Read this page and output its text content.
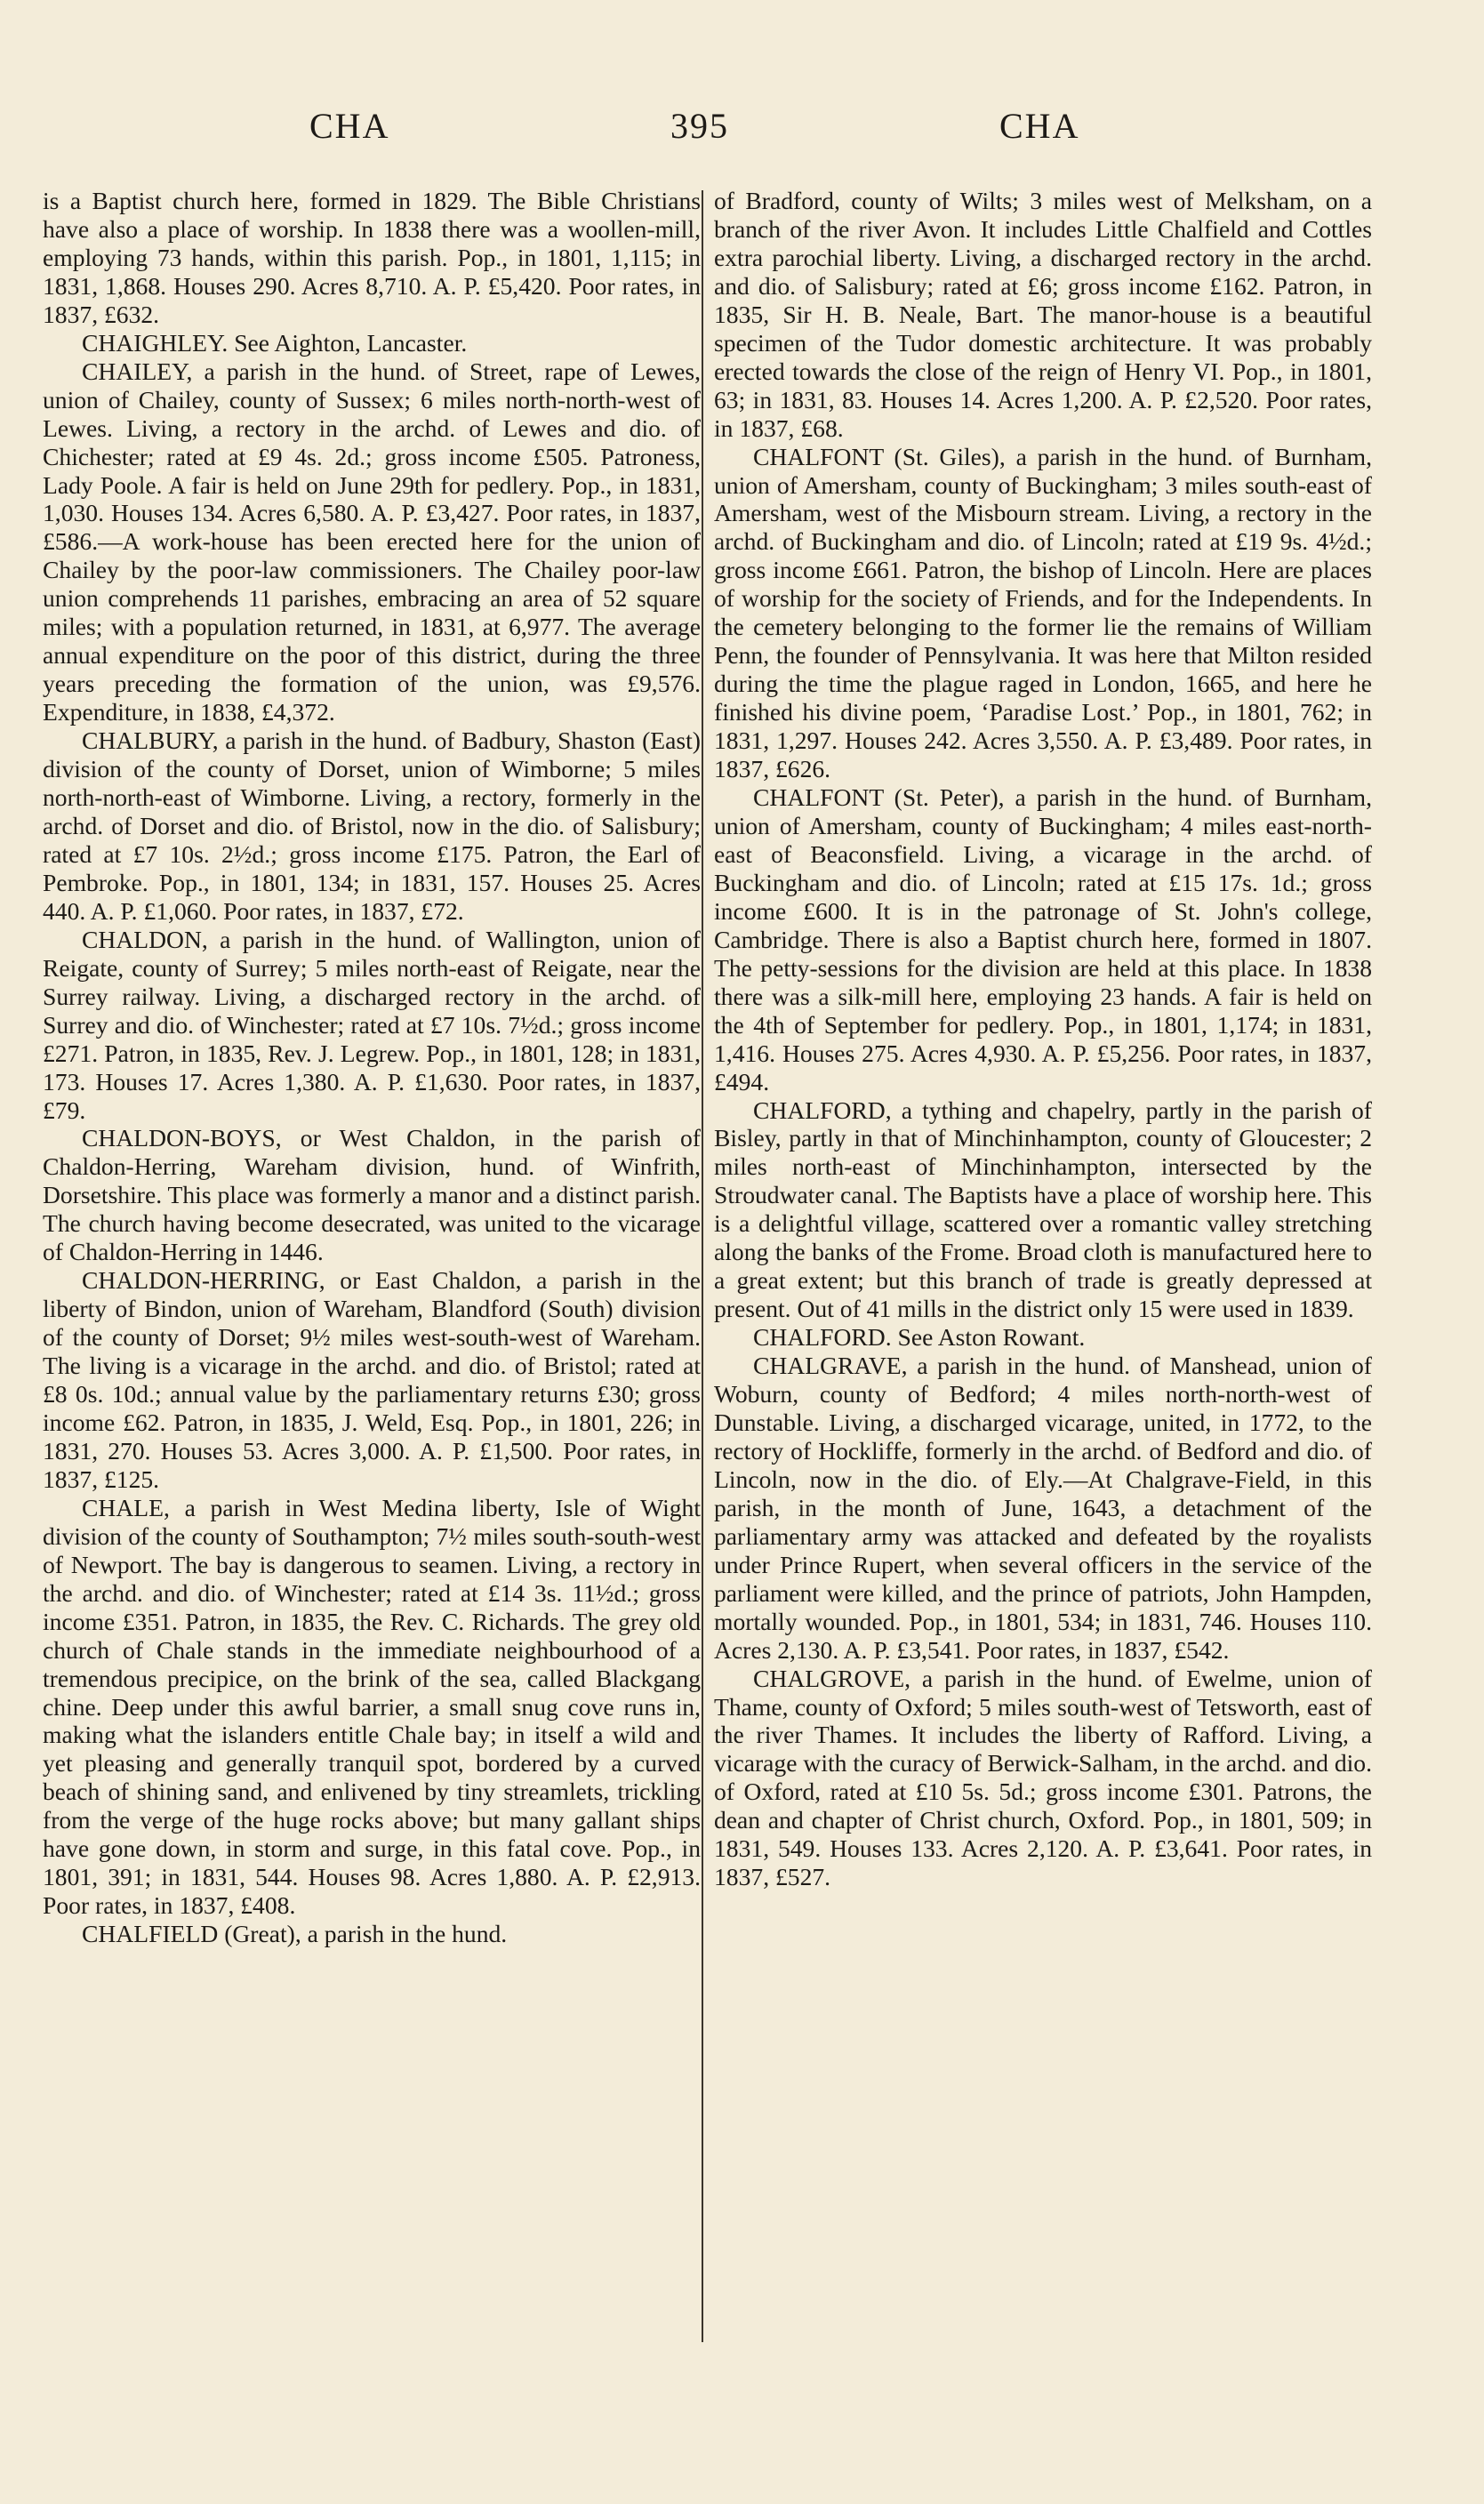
CHA	395	CHA

is a Baptist church here, formed in 1829. The Bible Christians have also a place of worship. In 1838 there was a woollen-mill, employing 73 hands, within this parish. Pop., in 1801, 1,115; in 1831, 1,868. Houses 290. Acres 8,710. A. P. £5,420. Poor rates, in 1837, £632.

CHAIGHLEY. See Aighton, Lancaster.

CHAILEY, a parish in the hund. of Street, rape of Lewes, union of Chailey, county of Sussex; 6 miles north-north-west of Lewes. Living, a rectory in the archd. of Lewes and dio. of Chichester; rated at £9 4s. 2d.; gross income £505. Patroness, Lady Poole. A fair is held on June 29th for pedlery. Pop., in 1831, 1,030. Houses 134. Acres 6,580. A. P. £3,427. Poor rates, in 1837, £586.—A work-house has been erected here for the union of Chailey by the poor-law commissioners. The Chailey poor-law union comprehends 11 parishes, embracing an area of 52 square miles; with a population returned, in 1831, at 6,977. The average annual expenditure on the poor of this district, during the three years preceding the formation of the union, was £9,576. Expenditure, in 1838, £4,372.

CHALBURY, a parish in the hund. of Badbury, Shaston (East) division of the county of Dorset, union of Wimborne; 5 miles north-north-east of Wimborne. Living, a rectory, formerly in the archd. of Dorset and dio. of Bristol, now in the dio. of Salisbury; rated at £7 10s. 2½d.; gross income £175. Patron, the Earl of Pembroke. Pop., in 1801, 134; in 1831, 157. Houses 25. Acres 440. A. P. £1,060. Poor rates, in 1837, £72.

CHALDON, a parish in the hund. of Wallington, union of Reigate, county of Surrey; 5 miles north-east of Reigate, near the Surrey railway. Living, a discharged rectory in the archd. of Surrey and dio. of Winchester; rated at £7 10s. 7½d.; gross income £271. Patron, in 1835, Rev. J. Legrew. Pop., in 1801, 128; in 1831, 173. Houses 17. Acres 1,380. A. P. £1,630. Poor rates, in 1837, £79.

CHALDON-BOYS, or West Chaldon, in the parish of Chaldon-Herring, Wareham division, hund. of Winfrith, Dorsetshire. This place was formerly a manor and a distinct parish. The church having become desecrated, was united to the vicarage of Chaldon-Herring in 1446.

CHALDON-HERRING, or East Chaldon, a parish in the liberty of Bindon, union of Wareham, Blandford (South) division of the county of Dorset; 9½ miles west-south-west of Wareham. The living is a vicarage in the archd. and dio. of Bristol; rated at £8 0s. 10d.; annual value by the parliamentary returns £30; gross income £62. Patron, in 1835, J. Weld, Esq. Pop., in 1801, 226; in 1831, 270. Houses 53. Acres 3,000. A. P. £1,500. Poor rates, in 1837, £125.

CHALE, a parish in West Medina liberty, Isle of Wight division of the county of Southampton; 7½ miles south-south-west of Newport. The bay is dangerous to seamen. Living, a rectory in the archd. and dio. of Winchester; rated at £14 3s. 11½d.; gross income £351. Patron, in 1835, the Rev. C. Richards. The grey old church of Chale stands in the immediate neighbourhood of a tremendous precipice, on the brink of the sea, called Blackgang chine. Deep under this awful barrier, a small snug cove runs in, making what the islanders entitle Chale bay; in itself a wild and yet pleasing and generally tranquil spot, bordered by a curved beach of shining sand, and enlivened by tiny streamlets, trickling from the verge of the huge rocks above; but many gallant ships have gone down, in storm and surge, in this fatal cove. Pop., in 1801, 391; in 1831, 544. Houses 98. Acres 1,880. A. P. £2,913. Poor rates, in 1837, £408.

CHALFIELD (Great), a parish in the hund.

of Bradford, county of Wilts; 3 miles west of Melksham, on a branch of the river Avon. It includes Little Chalfield and Cottles extra parochial liberty. Living, a discharged rectory in the archd. and dio. of Salisbury; rated at £6; gross income £162. Patron, in 1835, Sir H. B. Neale, Bart. The manor-house is a beautiful specimen of the Tudor domestic architecture. It was probably erected towards the close of the reign of Henry VI. Pop., in 1801, 63; in 1831, 83. Houses 14. Acres 1,200. A. P. £2,520. Poor rates, in 1837, £68.

CHALFONT (St. Giles), a parish in the hund. of Burnham, union of Amersham, county of Buckingham; 3 miles south-east of Amersham, west of the Misbourn stream. Living, a rectory in the archd. of Buckingham and dio. of Lincoln; rated at £19 9s. 4½d.; gross income £661. Patron, the bishop of Lincoln. Here are places of worship for the society of Friends, and for the Independents. In the cemetery belonging to the former lie the remains of William Penn, the founder of Pennsylvania. It was here that Milton resided during the time the plague raged in London, 1665, and here he finished his divine poem, ‘Paradise Lost.’ Pop., in 1801, 762; in 1831, 1,297. Houses 242. Acres 3,550. A. P. £3,489. Poor rates, in 1837, £626.

CHALFONT (St. Peter), a parish in the hund. of Burnham, union of Amersham, county of Buckingham; 4 miles east-north-east of Beaconsfield. Living, a vicarage in the archd. of Buckingham and dio. of Lincoln; rated at £15 17s. 1d.; gross income £600. It is in the patronage of St. John's college, Cambridge. There is also a Baptist church here, formed in 1807. The petty-sessions for the division are held at this place. In 1838 there was a silk-mill here, employing 23 hands. A fair is held on the 4th of September for pedlery. Pop., in 1801, 1,174; in 1831, 1,416. Houses 275. Acres 4,930. A. P. £5,256. Poor rates, in 1837, £494.

CHALFORD, a tything and chapelry, partly in the parish of Bisley, partly in that of Minchinhampton, county of Gloucester; 2 miles north-east of Minchinhampton, intersected by the Stroudwater canal. The Baptists have a place of worship here. This is a delightful village, scattered over a romantic valley stretching along the banks of the Frome. Broad cloth is manufactured here to a great extent; but this branch of trade is greatly depressed at present. Out of 41 mills in the district only 15 were used in 1839.

CHALFORD. See Aston Rowant.

CHALGRAVE, a parish in the hund. of Manshead, union of Woburn, county of Bedford; 4 miles north-north-west of Dunstable. Living, a discharged vicarage, united, in 1772, to the rectory of Hockliffe, formerly in the archd. of Bedford and dio. of Lincoln, now in the dio. of Ely.—At Chalgrave-Field, in this parish, in the month of June, 1643, a detachment of the parliamentary army was attacked and defeated by the royalists under Prince Rupert, when several officers in the service of the parliament were killed, and the prince of patriots, John Hampden, mortally wounded. Pop., in 1801, 534; in 1831, 746. Houses 110. Acres 2,130. A. P. £3,541. Poor rates, in 1837, £542.

CHALGROVE, a parish in the hund. of Ewelme, union of Thame, county of Oxford; 5 miles south-west of Tetsworth, east of the river Thames. It includes the liberty of Rafford. Living, a vicarage with the curacy of Berwick-Salham, in the archd. and dio. of Oxford, rated at £10 5s. 5d.; gross income £301. Patrons, the dean and chapter of Christ church, Oxford. Pop., in 1801, 509; in 1831, 549. Houses 133. Acres 2,120. A. P. £3,641. Poor rates, in 1837, £527.
